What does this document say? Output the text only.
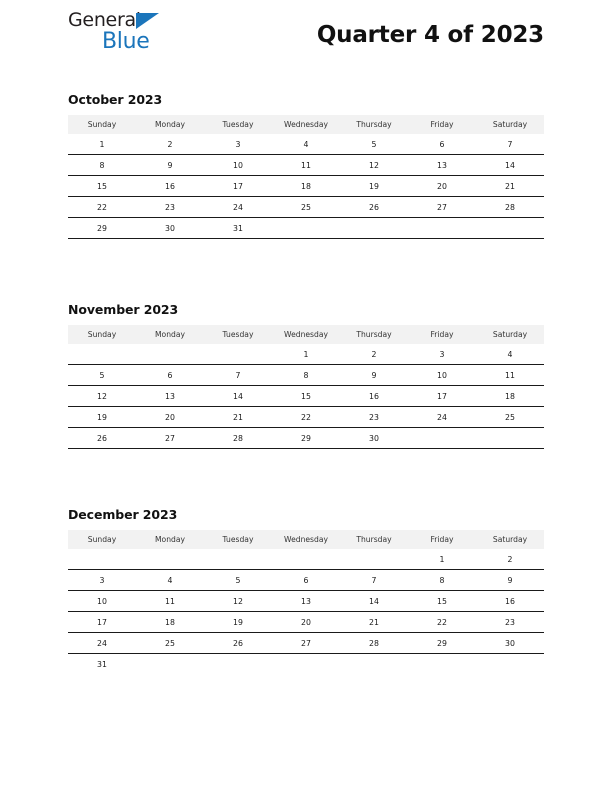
General
Blue	Quarter 4 of 2023
October 2023
Sunday	Monday	Tuesday	Wednesday	Thursday	Friday	Saturday
1	2	3	4	5	6	7
8	9	10	11	12	13	14
15	16	17	18	19	20	21
22	23	24	25	26	27	28
29	30	31				
November 2023
Sunday	Monday	Tuesday	Wednesday	Thursday	Friday	Saturday
			1	2	3	4
5	6	7	8	9	10	11
12	13	14	15	16	17	18
19	20	21	22	23	24	25
26	27	28	29	30		
December 2023
Sunday	Monday	Tuesday	Wednesday	Thursday	Friday	Saturday
					1	2
3	4	5	6	7	8	9
10	11	12	13	14	15	16
17	18	19	20	21	22	23
24	25	26	27	28	29	30
31						
